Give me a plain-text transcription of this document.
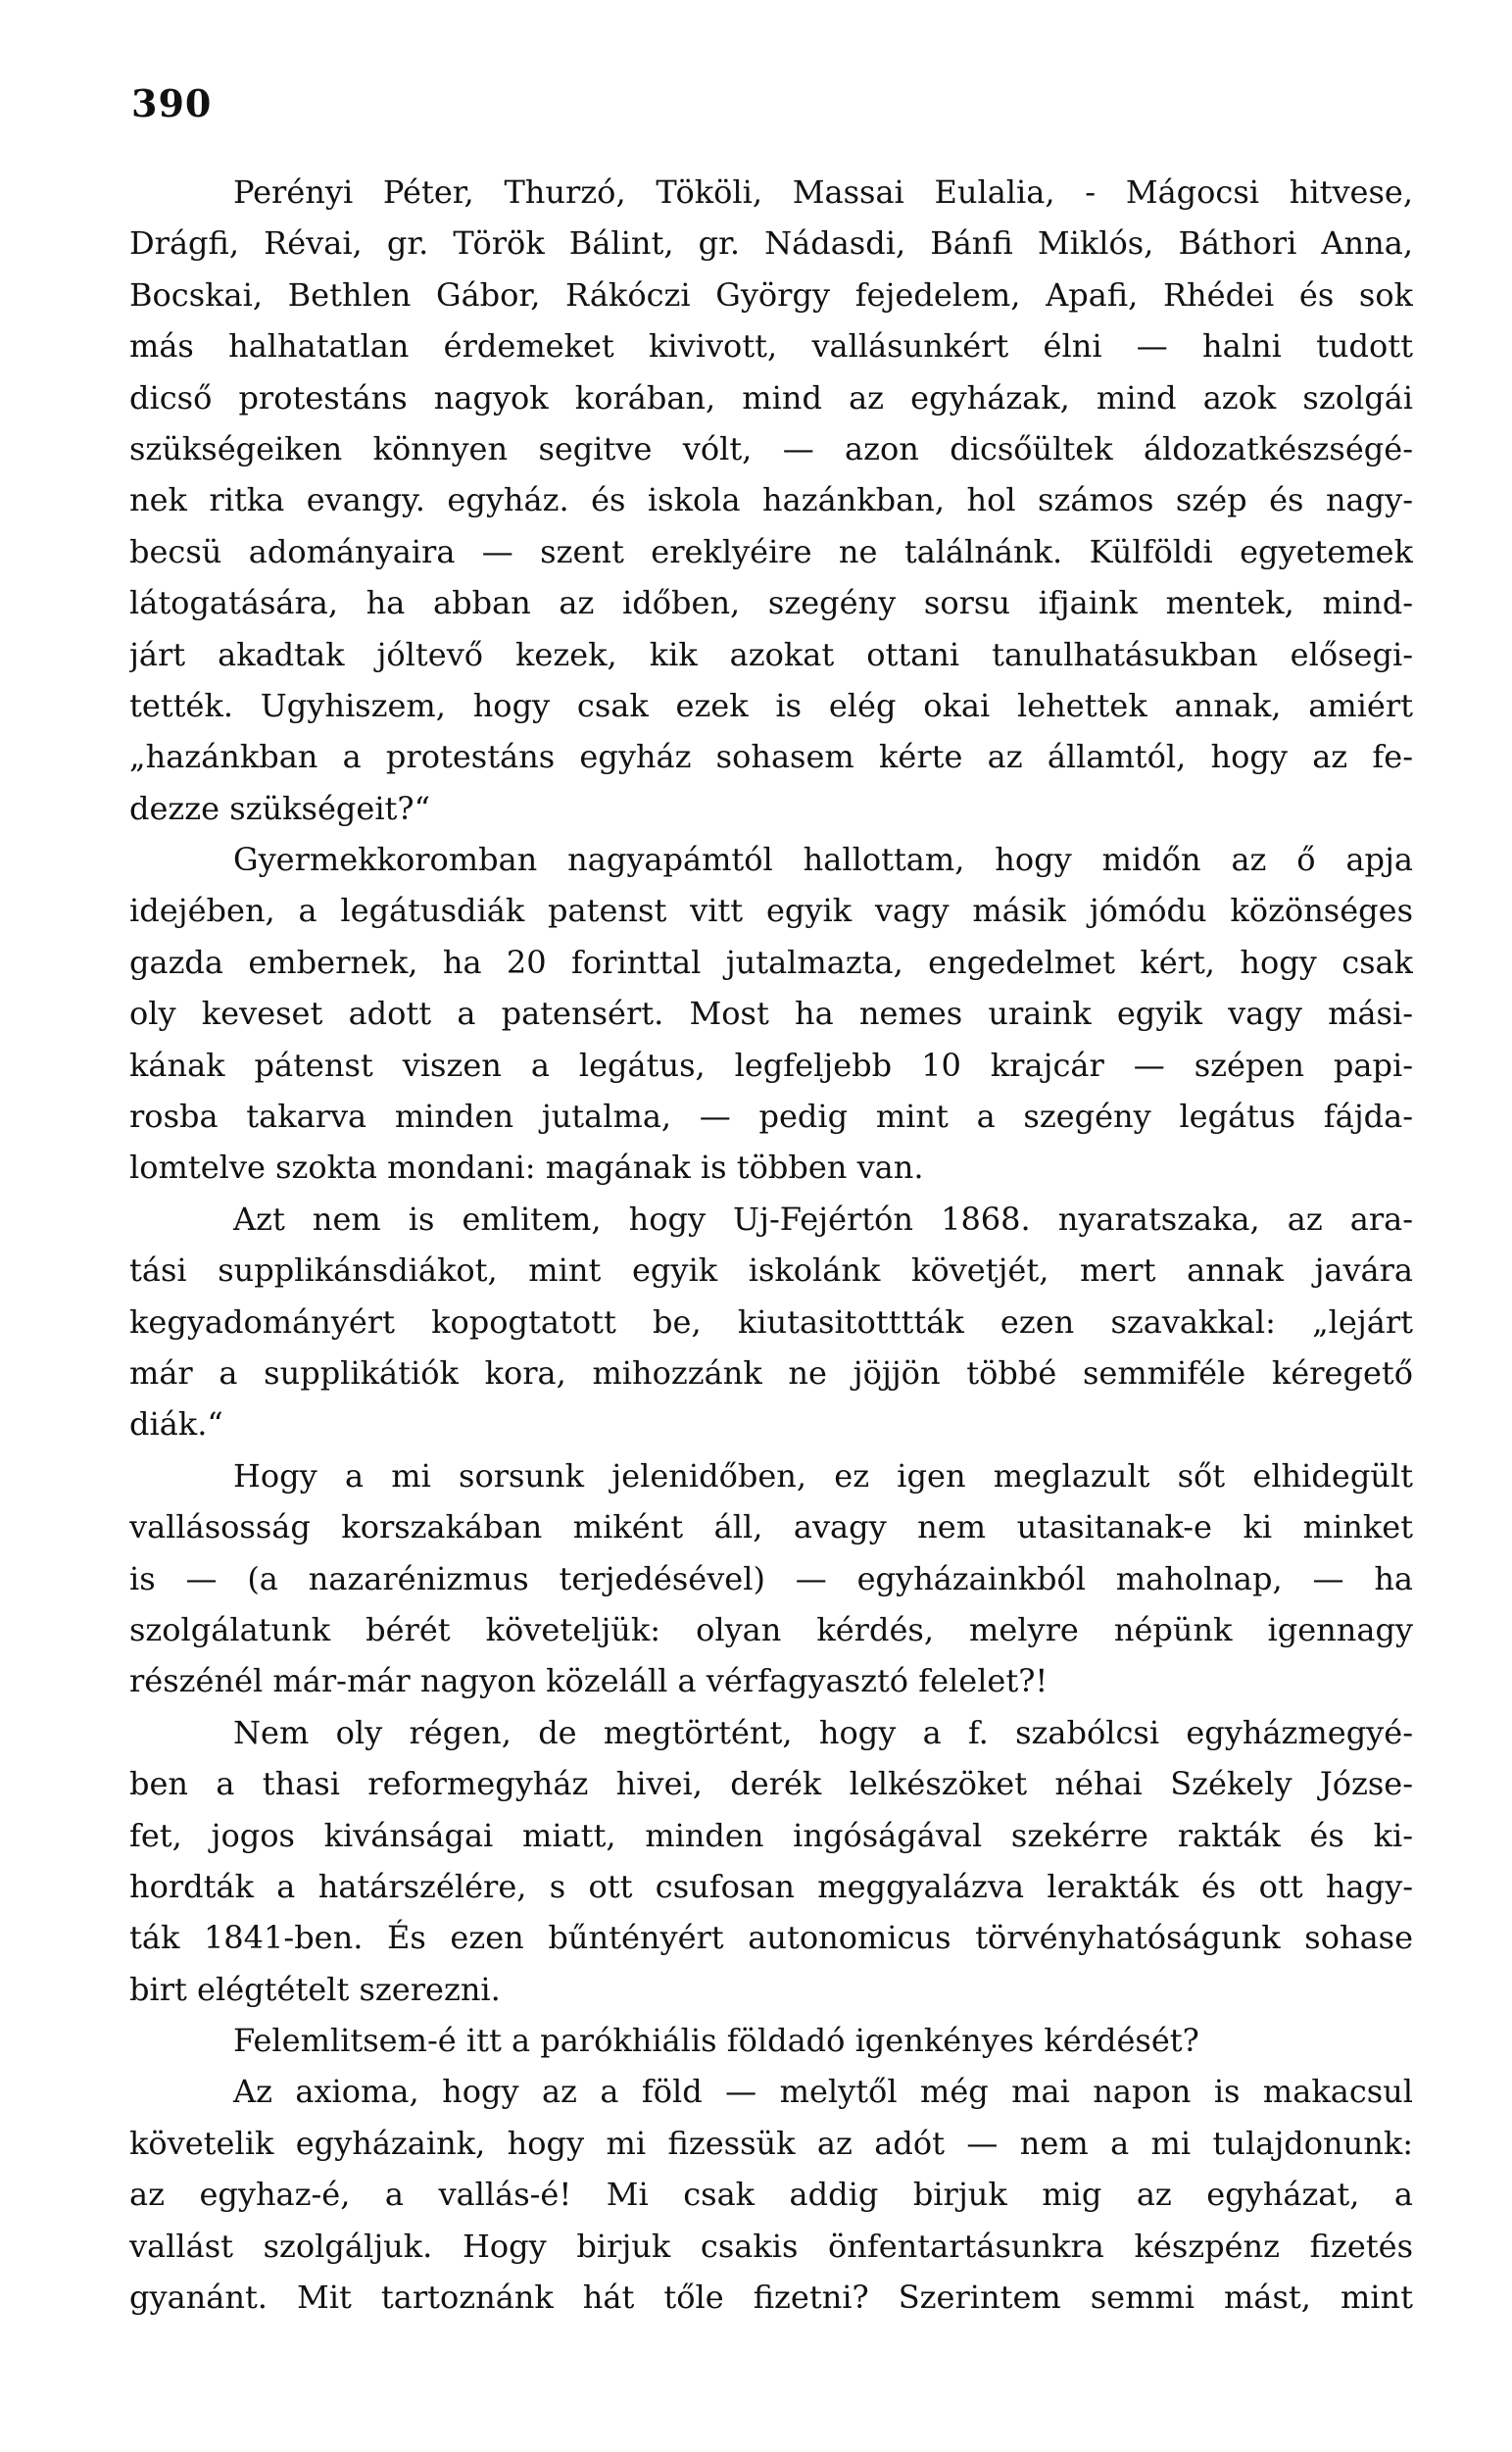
390
Perényi Péter, Thurzó, Tököli, Massai Eulalia, - Mágocsi hitvese,
Drágfi, Révai, gr. Török Bálint, gr. Nádasdi, Bánfi Miklós, Báthori Anna,
Bocskai, Bethlen Gábor, Rákóczi György fejedelem, Apafi, Rhédei és sok
más halhatatlan érdemeket kivivott, vallásunkért élni — halni tudott
dicső protestáns nagyok korában, mind az egyházak, mind azok szolgái
szükségeiken könnyen segitve vólt, — azon dicsőültek áldozatkészségé-
nek ritka evangy. egyház. és iskola hazánkban, hol számos szép és nagy-
becsü adományaira — szent ereklyéire ne találnánk. Külföldi egyetemek
látogatására, ha abban az időben, szegény sorsu ifjaink mentek, mind-
járt akadtak jóltevő kezek, kik azokat ottani tanulhatásukban elősegi-
tették. Ugyhiszem, hogy csak ezek is elég okai lehettek annak, amiért
„hazánkban a protestáns egyház sohasem kérte az államtól, hogy az fe-
dezze szükségeit?“
Gyermekkoromban nagyapámtól hallottam, hogy midőn az ő apja
idejében, a legátusdiák patenst vitt egyik vagy másik jómódu közönséges
gazda embernek, ha 20 forinttal jutalmazta, engedelmet kért, hogy csak
oly keveset adott a patensért. Most ha nemes uraink egyik vagy mási-
kának pátenst viszen a legátus, legfeljebb 10 krajcár — szépen papi-
rosba takarva minden jutalma, — pedig mint a szegény legátus fájda-
lomtelve szokta mondani: magának is többen van.
Azt nem is emlitem, hogy Uj-Fejértón 1868. nyaratszaka, az ara-
tási supplikánsdiákot, mint egyik iskolánk követjét, mert annak javára
kegyadományért kopogtatott be, kiutasitotttták ezen szavakkal: „lejárt
már a supplikátiók kora, mihozzánk ne jöjjön többé semmiféle kéregető
diák.“
Hogy a mi sorsunk jelenidőben, ez igen meglazult sőt elhidegült
vallásosság korszakában miként áll, avagy nem utasitanak-e ki minket
is — (a nazarénizmus terjedésével) — egyházainkból maholnap, — ha
szolgálatunk bérét követeljük: olyan kérdés, melyre népünk igennagy
részénél már-már nagyon közeláll a vérfagyasztó felelet?!
Nem oly régen, de megtörtént, hogy a f. szabólcsi egyházmegyé-
ben a thasi reformegyház hivei, derék lelkészöket néhai Székely Józse-
fet, jogos kivánságai miatt, minden ingóságával szekérre rakták és ki-
hordták a határszélére, s ott csufosan meggyalázva lerakták és ott hagy-
ták 1841-ben. És ezen bűntényért autonomicus törvényhatóságunk sohase
birt elégtételt szerezni.
Felemlitsem-é itt a parókhiális földadó igenkényes kérdését?
Az axioma, hogy az a föld — melytől még mai napon is makacsul
követelik egyházaink, hogy mi fizessük az adót — nem a mi tulajdonunk:
az egyhaz-é, a vallás-é! Mi csak addig birjuk mig az egyházat, a
vallást szolgáljuk. Hogy birjuk csakis önfentartásunkra készpénz fizetés
gyanánt. Mit tartoznánk hát tőle fizetni? Szerintem semmi mást, mint
